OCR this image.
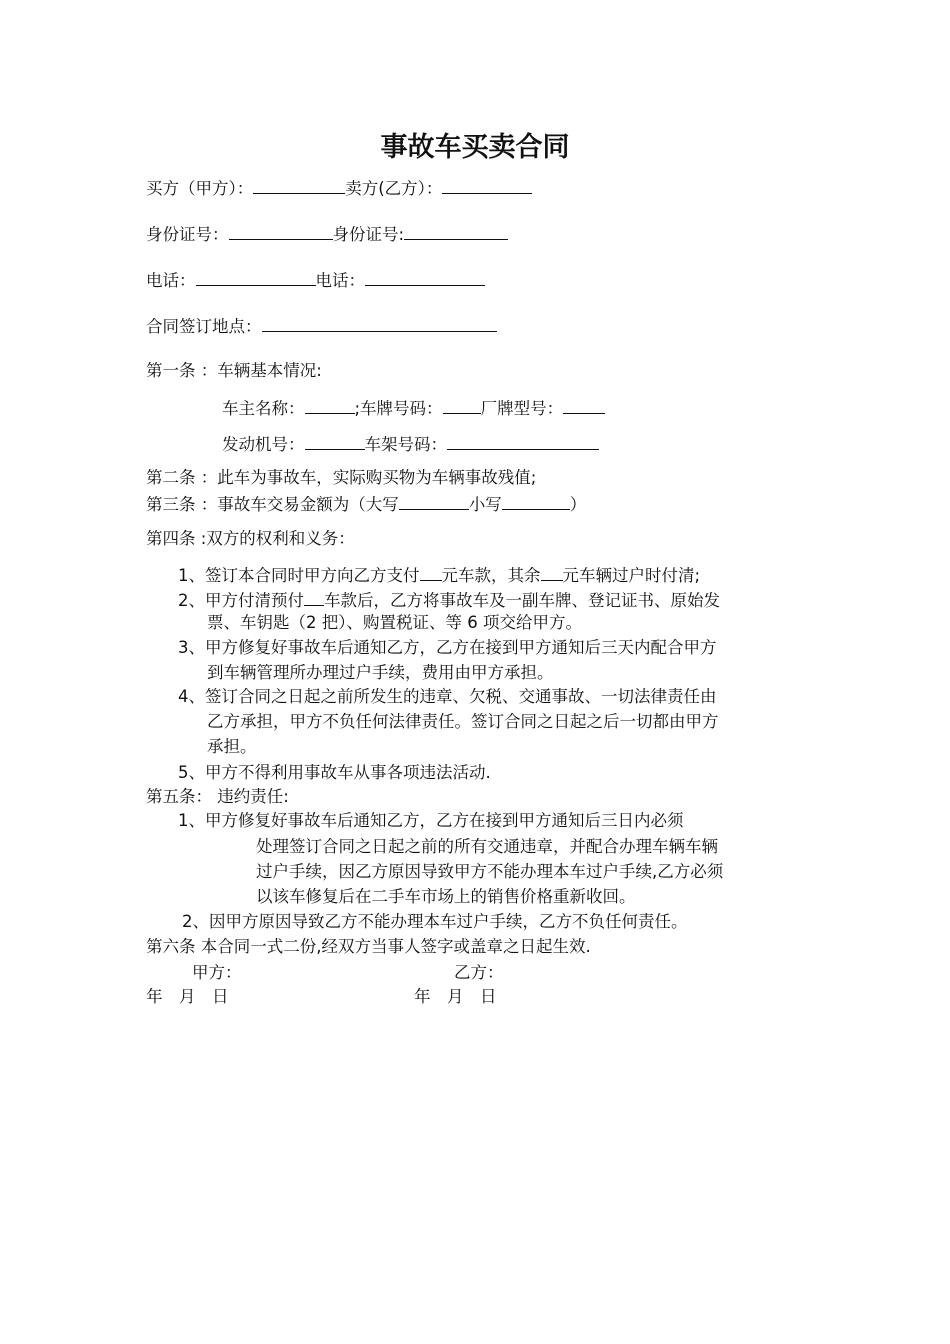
事故车买卖合同
买方（甲方）：	卖方(乙方）：
身份证号：	身份证号:
电话：	电话：
合同签订地点：
第一条 ：车辆基本情况:
车主名称：	;车牌号码： 厂牌型号：
发动机号：	车架号码：
第二条 ：此车为事故车，实际购买物为车辆事故残值;
第三条 ：事故车交易金额为（大写	小写	）
第四条 :双方的权利和义务：
1、签订本合同时甲方向乙方支付 元车款，其余 元车辆过户时付清;
2、甲方付清预付 车款后，乙方将事故车及一副车牌、登记证书、原始发
票、车钥匙（2 把）、购置税证、等 6 项交给甲方。
3、甲方修复好事故车后通知乙方，乙方在接到甲方通知后三天内配合甲方
到车辆管理所办理过户手续，费用由甲方承担。
4、签订合同之日起之前所发生的违章、欠税、交通事故、一切法律责任由
乙方承担，甲方不负任何法律责任。签订合同之日起之后一切都由甲方
承担。
5、甲方不得利用事故车从事各项违法活动.
第五条： 违约责任:
1、甲方修复好事故车后通知乙方，乙方在接到甲方通知后三日内必须
处理签订合同之日起之前的所有交通违章，并配合办理车辆车辆
过户手续，因乙方原因导致甲方不能办理本车过户手续,乙方必须
以该车修复后在二手车市场上的销售价格重新收回。
2、因甲方原因导致乙方不能办理本车过户手续，乙方不负任何责任。
第六条 本合同一式二份,经双方当事人签字或盖章之日起生效.
甲方：	乙方：
年　月　日	年　月　日
